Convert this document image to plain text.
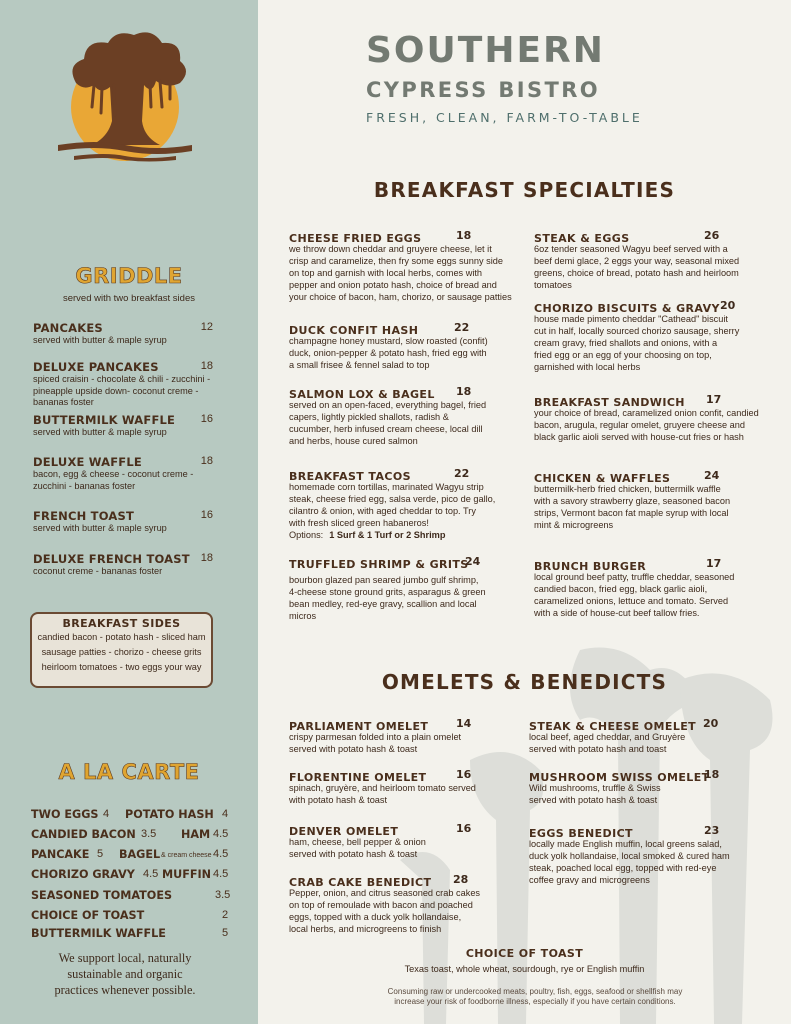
GRIDDLE
served with two breakfast sides
PANCAKES	12
served with butter & maple syrup
DELUXE PANCAKES	18
spiced craisin - chocolate & chili - zucchini -
pineapple upside down- coconut creme -
bananas foster
BUTTERMILK WAFFLE	16
served with butter & maple syrup
DELUXE WAFFLE	18
bacon, egg & cheese - coconut creme -
zucchini - bananas foster
FRENCH TOAST	16
served with butter & maple syrup
DELUXE FRENCH TOAST 18
coconut creme - bananas foster
BREAKFAST SIDES
candied bacon - potato hash - sliced ham
sausage patties - chorizo - cheese grits
heirloom tomatoes - two eggs your way
A LA CARTE
TWO EGGS 4 POTATO HASH 4
CANDIED BACON 3.5 HAM 4.5
PANCAKE 5 BAGEL & cream cheese 4.5
CHORIZO GRAVY 4.5 MUFFIN 4.5
SEASONED TOMATOES	3.5
CHOICE OF TOAST	2
BUTTERMILK WAFFLE	5
We support local, naturally
sustainable and organic
practices whenever possible.
SOUTHERN
CYPRESS BISTRO
FRESH, CLEAN, FARM-TO-TABLE
BREAKFAST SPECIALTIES
CHEESE FRIED EGGS	18
we throw down cheddar and gruyere cheese, let it
crisp and caramelize, then fry some eggs sunny side
on top and garnish with local herbs, comes with
pepper and onion potato hash, choice of bread and
your choice of bacon, ham, chorizo, or sausage patties
DUCK CONFIT HASH	22
champagne honey mustard, slow roasted (confit)
duck, onion-pepper & potato hash, fried egg with
a small frisee & fennel salad to top
SALMON LOX & BAGEL 18
served on an open-faced, everything bagel, fried
capers, lightly pickled shallots, radish &
cucumber, herb infused cream cheese, local dill
and herbs, house cured salmon
BREAKFAST TACOS	22
homemade corn tortillas, marinated Wagyu strip
steak, cheese fried egg, salsa verde, pico de gallo,
cilantro & onion, with aged cheddar to top. Try
with fresh sliced green habaneros!
Options: 1 Surf & 1 Turf or 2 Shrimp
TRUFFLED SHRIMP & GRITS
24
bourbon glazed pan seared jumbo gulf shrimp,
4-cheese stone ground grits, asparagus & green
bean medley, red-eye gravy, scallion and local
micros
STEAK & EGGS	26
6oz tender seasoned Wagyu beef served with a
beef demi glace, 2 eggs your way, seasonal mixed
greens, choice of bread, potato hash and heirloom
tomatoes
CHORIZO BISCUITS & GRAVY 20
house made pimento cheddar "Cathead" biscuit
cut in half, locally sourced chorizo sausage, sherry
cream gravy, fried shallots and onions, with a
fried egg or an egg of your choosing on top,
garnished with local herbs
BREAKFAST SANDWICH 17
your choice of bread, caramelized onion confit, candied
bacon, arugula, regular omelet, gruyere cheese and
black garlic aioli served with house-cut fries or hash
CHICKEN & WAFFLES	24
buttermilk-herb fried chicken, buttermilk waffle
with a savory strawberry glaze, seasoned bacon
strips, Vermont bacon fat maple syrup with local
mint & microgreens
BRUNCH BURGER	17
local ground beef patty, truffle cheddar, seasoned
candied bacon, fried egg, black garlic aioli,
caramelized onions, lettuce and tomato. Served
with a side of house-cut beef tallow fries.
OMELETS & BENEDICTS
PARLIAMENT OMELET	14
crispy parmesan folded into a plain omelet
served with potato hash & toast
FLORENTINE OMELET	16
spinach, gruyère, and heirloom tomato served
with potato hash & toast
DENVER OMELET	16
ham, cheese, bell pepper & onion
served with potato hash & toast
CRAB CAKE BENEDICT 28
Pepper, onion, and citrus seasoned crab cakes
on top of remoulade with bacon and poached
eggs, topped with a duck yolk hollandaise,
local herbs, and microgreens to finish
STEAK & CHEESE OMELET 20
local beef, aged cheddar, and Gruyère
served with potato hash and toast
MUSHROOM SWISS OMELET
18
Wild mushrooms, truffle & Swiss
served with potato hash & toast
EGGS BENEDICT	23
locally made English muffin, local greens salad,
duck yolk hollandaise, local smoked & cured ham
steak, poached local egg, topped with red-eye
coffee gravy and microgreens
CHOICE OF TOAST
Texas toast, whole wheat, sourdough, rye or English muffin
Consuming raw or undercooked meats, poultry, fish, eggs, seafood or shellfish may
increase your risk of foodborne illness, especially if you have certain conditions.
